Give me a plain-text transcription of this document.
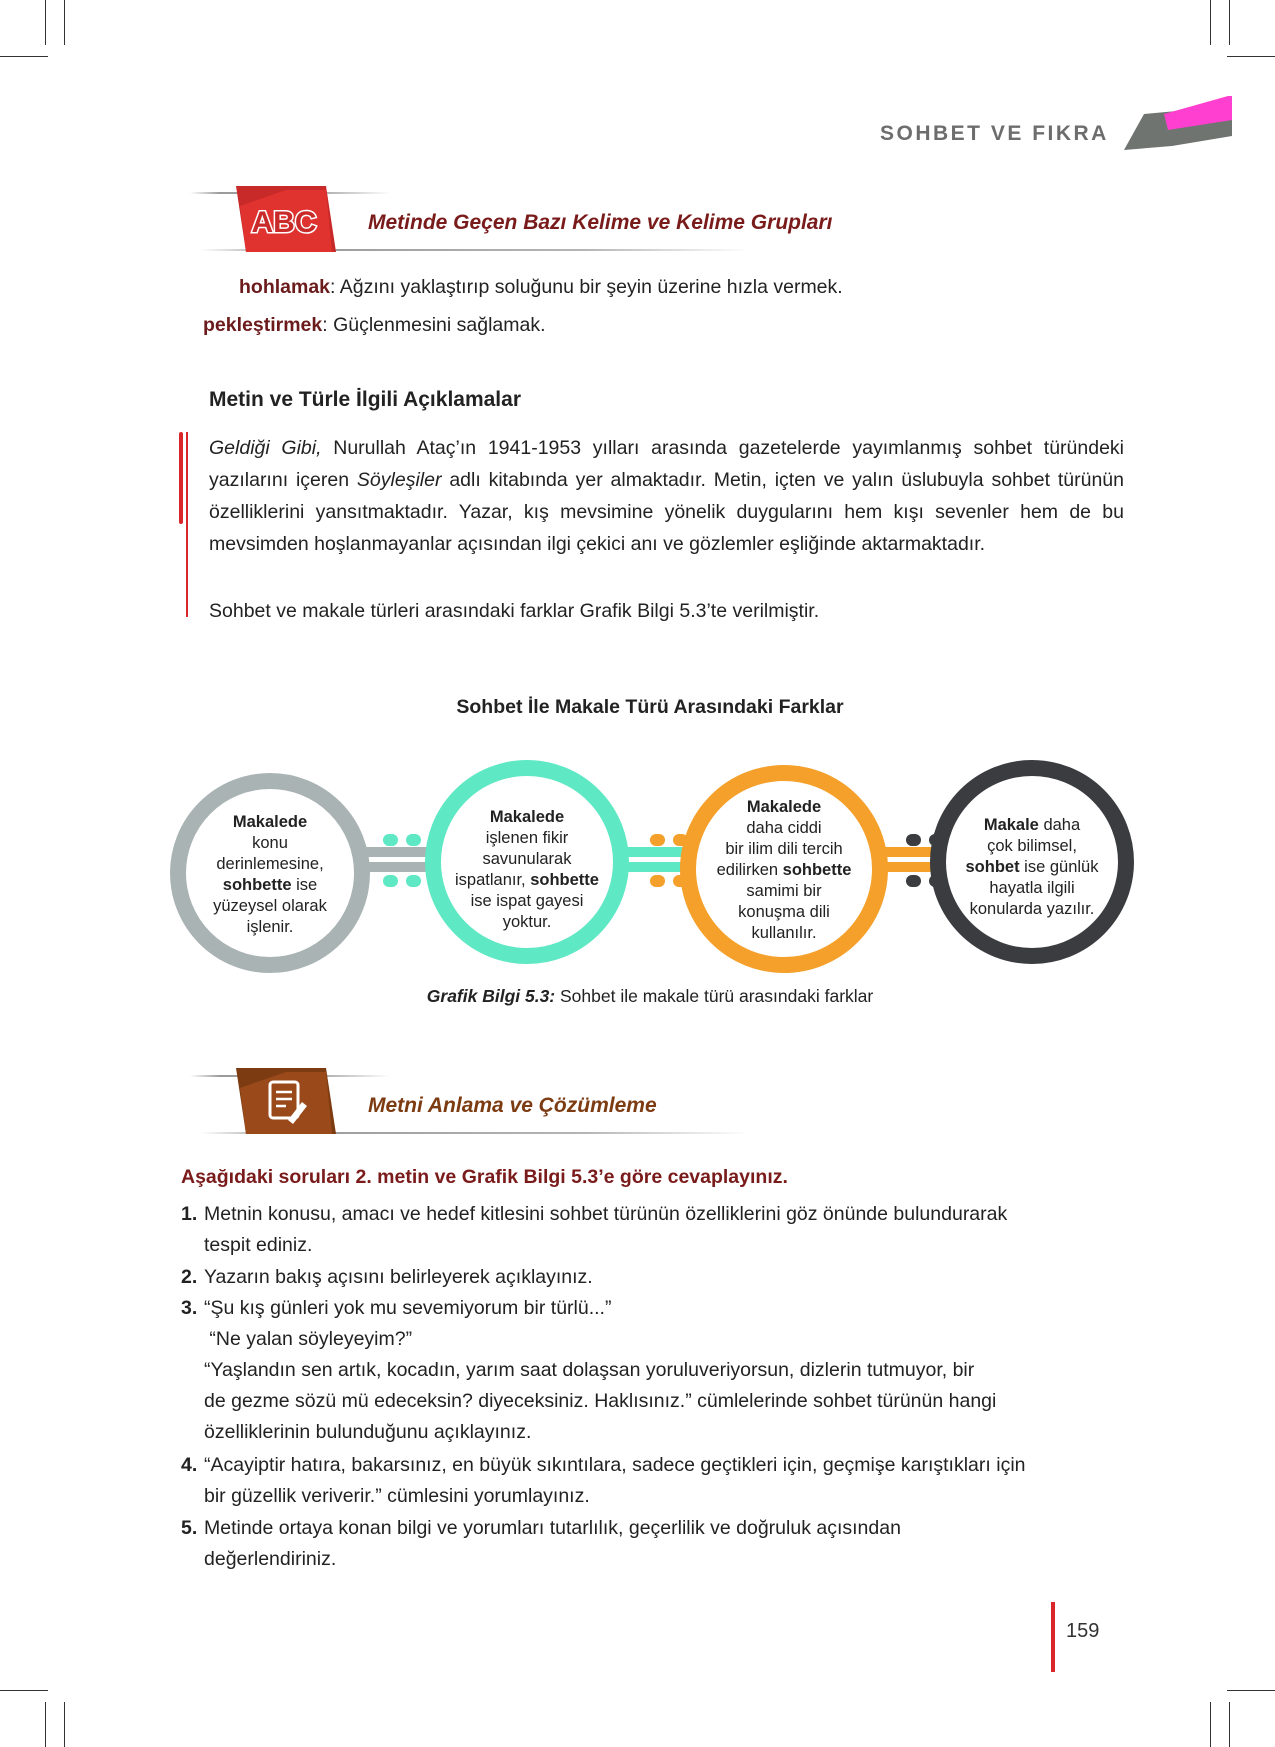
SOHBET VE FIKRA
ABC Metinde Geçen Bazı Kelime ve Kelime Grupları
hohlamak: Ağzını yaklaştırıp soluğunu bir şeyin üzerine hızla vermek.
pekleştirmek: Güçlenmesini sağlamak.
Metin ve Türle İlgili Açıklamalar

Geldiği Gibi, Nurullah Ataç’ın 1941-1953 yılları arasında gazetelerde yayımlanmış sohbet türündeki yazılarını içeren Söyleşiler adlı kitabında yer almaktadır. Metin, içten ve yalın üslubuyla sohbet türünün özelliklerini yansıtmaktadır. Yazar, kış mevsimine yönelik duygularını hem kışı sevenler hem de bu mevsimden hoşlanmayanlar açısından ilgi çekici anı ve gözlemler eşliğinde aktarmaktadır.

Sohbet ve makale türleri arasındaki farklar Grafik Bilgi 5.3’te verilmiştir.

Sohbet İle Makale Türü Arasındaki Farklar
Makalede
konu
derinlemesine,
sohbette ise
yüzeysel olarak
işlenir.
Makalede
işlenen fikir
savunularak
ispatlanır, sohbette
ise ispat gayesi
yoktur.
Makalede
daha ciddi
bir ilim dili tercih
edilirken sohbette
samimi bir
konuşma dili
kullanılır.
Makale daha
çok bilimsel,
sohbet ise günlük
hayatla ilgili
konularda yazılır.
Grafik Bilgi 5.3: Sohbet ile makale türü arasındaki farklar
Metni Anlama ve Çözümleme
Aşağıdaki soruları 2. metin ve Grafik Bilgi 5.3’e göre cevaplayınız.
1. Metnin konusu, amacı ve hedef kitlesini sohbet türünün özelliklerini göz önünde bulundurarak
tespit ediniz.
2. Yazarın bakış açısını belirleyerek açıklayınız.
3. “Şu kış günleri yok mu sevemiyorum bir türlü...”
“Ne yalan söyleyeyim?”
“Yaşlandın sen artık, kocadın, yarım saat dolaşsan yoruluveriyorsun, dizlerin tutmuyor, bir
de gezme sözü mü edeceksin? diyeceksiniz. Haklısınız.” cümlelerinde sohbet türünün hangi
özelliklerinin bulunduğunu açıklayınız.
4. “Acayiptir hatıra, bakarsınız, en büyük sıkıntılara, sadece geçtikleri için, geçmişe karıştıkları için
bir güzellik veriverir.” cümlesini yorumlayınız.
5. Metinde ortaya konan bilgi ve yorumları tutarlılık, geçerlilik ve doğruluk açısından
değerlendiriniz.
159
